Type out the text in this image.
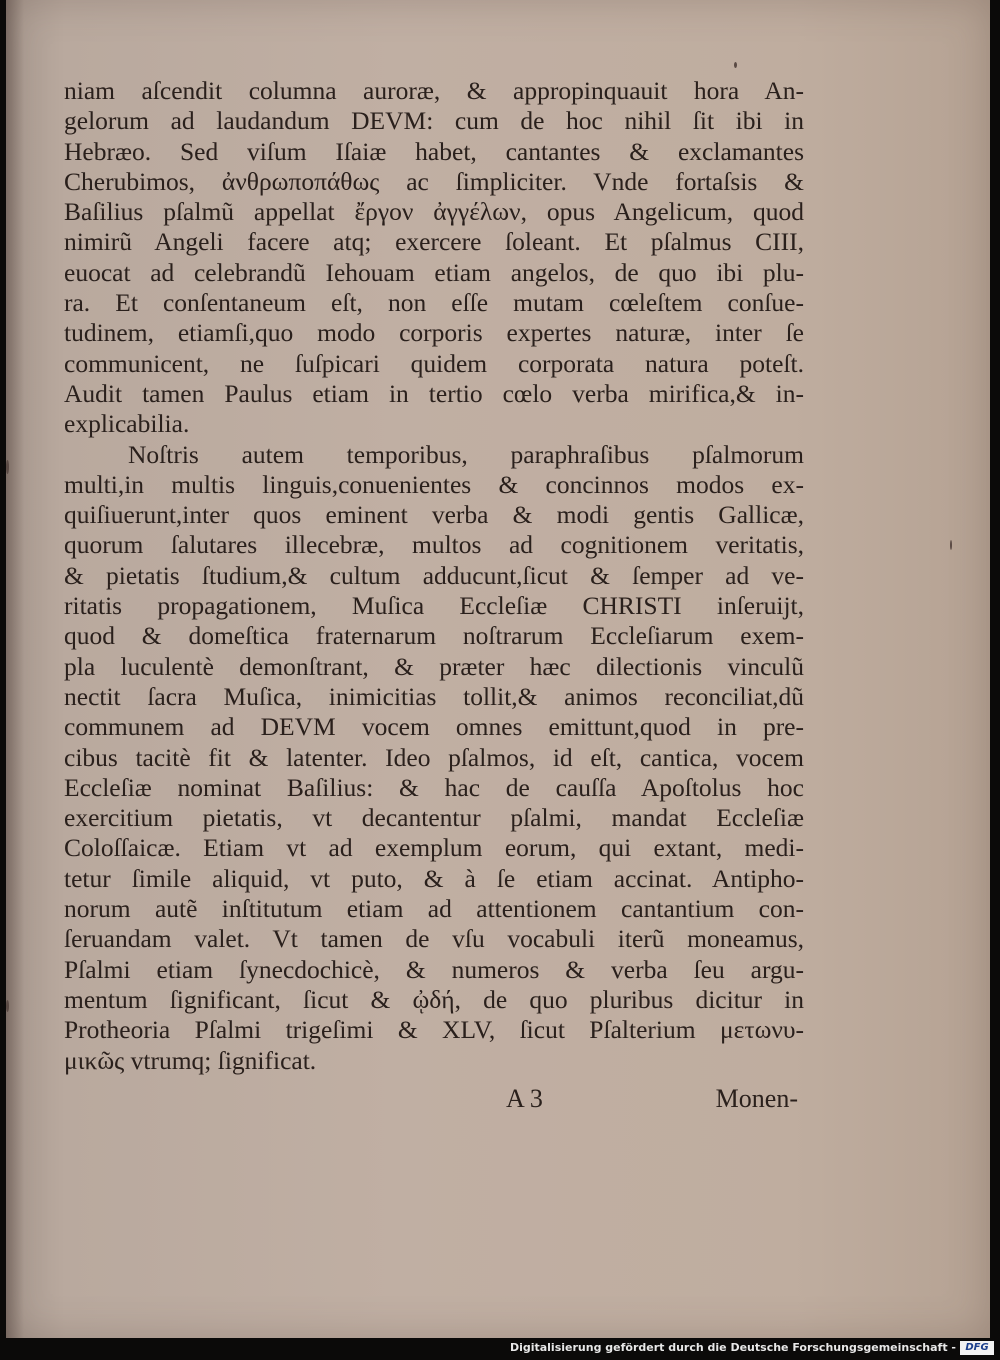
niam aſcendit columna auroræ, & appropinquauit hora An-
gelorum ad laudandum DEVM: cum de hoc nihil ſit ibi in
Hebræo. Sed viſum Iſaiæ habet, cantantes & exclamantes
Cherubimos, ἀνθρωποπάθως ac ſimpliciter. Vnde fortaſsis &
Baſilius pſalmũ appellat ἔργον ἀγγέλων, opus Angelicum, quod
nimirũ Angeli facere atq; exercere ſoleant. Et pſalmus CIII,
euocat ad celebrandũ Iehouam etiam angelos, de quo ibi plu-
ra. Et conſentaneum eſt, non eſſe mutam cœleſtem conſue-
tudinem, etiamſi,quo modo corporis expertes naturæ, inter ſe
communicent, ne ſuſpicari quidem corporata natura poteſt.
Audit tamen Paulus etiam in tertio cœlo verba mirifica,& in-
explicabilia.
Noſtris autem temporibus, paraphraſibus pſalmorum
multi,in multis linguis,conuenientes & concinnos modos ex-
quiſiuerunt,inter quos eminent verba & modi gentis Gallicæ,
quorum ſalutares illecebræ, multos ad cognitionem veritatis,
& pietatis ſtudium,& cultum adducunt,ſicut & ſemper ad ve-
ritatis propagationem, Muſica Eccleſiæ CHRISTI inſeruijt,
quod & domeſtica fraternarum noſtrarum Eccleſiarum exem-
pla luculentè demonſtrant, & præter hæc dilectionis vinculũ
nectit ſacra Muſica, inimicitias tollit,& animos reconciliat,dũ
communem ad DEVM vocem omnes emittunt,quod in pre-
cibus tacitè fit & latenter. Ideo pſalmos, id eſt, cantica, vocem
Eccleſiæ nominat Baſilius: & hac de cauſſa Apoſtolus hoc
exercitium pietatis, vt decantentur pſalmi, mandat Eccleſiæ
Coloſſaicæ. Etiam vt ad exemplum eorum, qui extant, medi-
tetur ſimile aliquid, vt puto, & à ſe etiam accinat. Antipho-
norum autẽ inſtitutum etiam ad attentionem cantantium con-
ſeruandam valet. Vt tamen de vſu vocabuli iterũ moneamus,
Pſalmi etiam ſynecdochicè, & numeros & verba ſeu argu-
mentum ſignificant, ſicut & ᾠδή, de quo pluribus dicitur in
Protheoria Pſalmi trigeſimi & XLV, ſicut Pſalterium μετωνυ-
μικῶς vtrumq; ſignificat.
A 3	Monen-
Digitalisierung gefördert durch die Deutsche Forschungsgemeinschaft - DFG
